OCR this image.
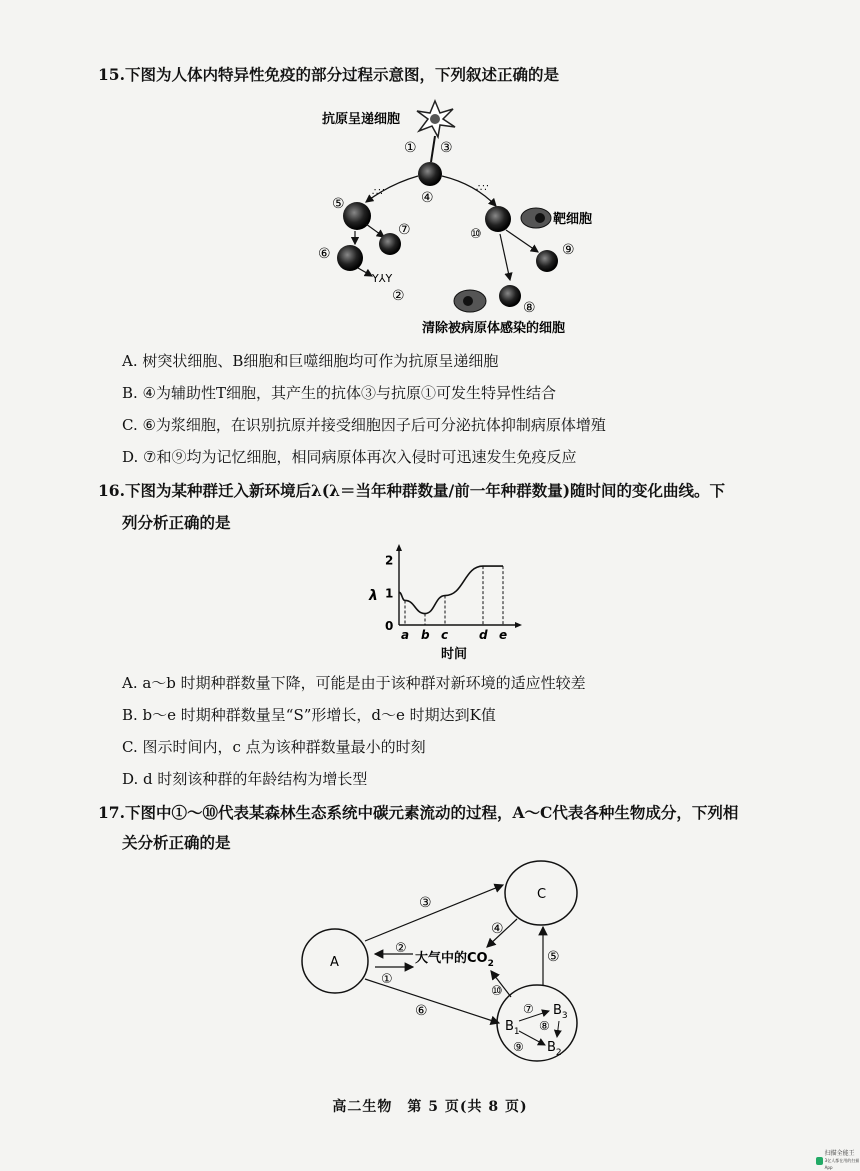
15.下图为人体内特异性免疫的部分过程示意图，下列叙述正确的是
抗原呈递细胞
① ③
④
∴∵	∴∵
⑤
⑦
⑥
Y⅄Y
②
⑩
靶细胞
⑨
⑧
清除被病原体感染的细胞
A. 树突状细胞、B细胞和巨噬细胞均可作为抗原呈递细胞
B. ④为辅助性T细胞，其产生的抗体③与抗原①可发生特异性结合
C. ⑥为浆细胞，在识别抗原并接受细胞因子后可分泌抗体抑制病原体增殖
D. ⑦和⑨均为记忆细胞，相同病原体再次入侵时可迅速发生免疫反应
16.下图为某种群迁入新环境后λ(λ＝当年种群数量/前一年种群数量)随时间的变化曲线。下
列分析正确的是
λ
时间
0
1
2
a b c	d e
A. a～b 时期种群数量下降，可能是由于该种群对新环境的适应性较差
B. b～e 时期种群数量呈“S”形增长，d～e 时期达到K值
C. 图示时间内，c 点为该种群数量最小的时刻
D. d 时刻该种群的年龄结构为增长型
17.下图中①～⑩代表某森林生态系统中碳元素流动的过程，A～C代表各种生物成分，下列相
关分析正确的是
A
C
③
大气中的$CO_2$
②
①
④
⑤
⑩
⑥
$B_1$
$B_3$
$B_2$
⑦
⑧
⑨
高二生物　第 5 页(共 8 页)
扫描全能王
3亿人都在用的扫描App
